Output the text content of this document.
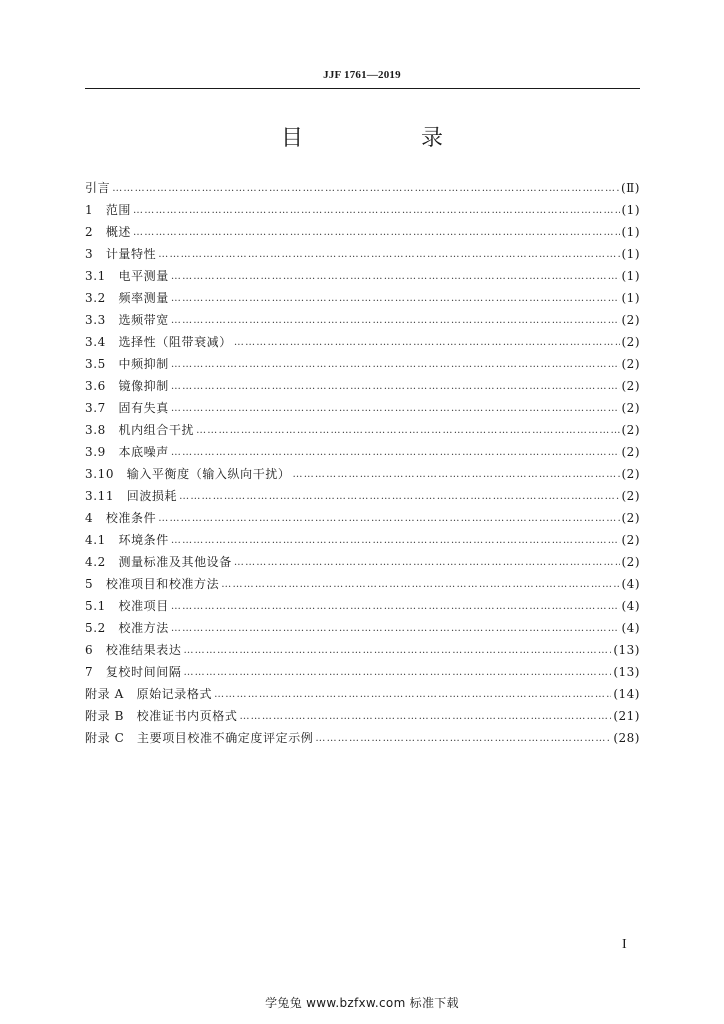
JJF 1761—2019
目　录
引言 ……………………………………………………………………………………………………………………………………………………………………………………………………………………………………	(Ⅱ)
1　范围 ……………………………………………………………………………………………………………………………………………………………………………………………………………………………………	(1)
2　概述 ……………………………………………………………………………………………………………………………………………………………………………………………………………………………………	(1)
3　计量特性 ……………………………………………………………………………………………………………………………………………………………………………………………………………………………………	(1)
3.1　电平测量 ……………………………………………………………………………………………………………………………………………………………………………………………………………………………………	(1)
3.2　频率测量 ……………………………………………………………………………………………………………………………………………………………………………………………………………………………………	(1)
3.3　选频带宽 ……………………………………………………………………………………………………………………………………………………………………………………………………………………………………	(2)
3.4　选择性（阻带衰减） ……………………………………………………………………………………………………………………………………………………………………………………………………………………………………	(2)
3.5　中频抑制 ……………………………………………………………………………………………………………………………………………………………………………………………………………………………………	(2)
3.6　镜像抑制 ……………………………………………………………………………………………………………………………………………………………………………………………………………………………………	(2)
3.7　固有失真 ……………………………………………………………………………………………………………………………………………………………………………………………………………………………………	(2)
3.8　机内组合干扰 ……………………………………………………………………………………………………………………………………………………………………………………………………………………………………	(2)
3.9　本底噪声 ……………………………………………………………………………………………………………………………………………………………………………………………………………………………………	(2)
3.10　输入平衡度（输入纵向干扰） ……………………………………………………………………………………………………………………………………………………………………………………………………………………………………	(2)
3.11　回波损耗 ……………………………………………………………………………………………………………………………………………………………………………………………………………………………………	(2)
4　校准条件 ……………………………………………………………………………………………………………………………………………………………………………………………………………………………………	(2)
4.1　环境条件 ……………………………………………………………………………………………………………………………………………………………………………………………………………………………………	(2)
4.2　测量标准及其他设备 ……………………………………………………………………………………………………………………………………………………………………………………………………………………………………	(2)
5　校准项目和校准方法 ……………………………………………………………………………………………………………………………………………………………………………………………………………………………………	(4)
5.1　校准项目 ……………………………………………………………………………………………………………………………………………………………………………………………………………………………………	(4)
5.2　校准方法 ……………………………………………………………………………………………………………………………………………………………………………………………………………………………………	(4)
6　校准结果表达 ……………………………………………………………………………………………………………………………………………………………………………………………………………………………………	(13)
7　复校时间间隔 ……………………………………………………………………………………………………………………………………………………………………………………………………………………………………	(13)
附录 A　原始记录格式 ……………………………………………………………………………………………………………………………………………………………………………………………………………………………………	(14)
附录 B　校准证书内页格式 ……………………………………………………………………………………………………………………………………………………………………………………………………………………………………	(21)
附录 C　主要项目校准不确定度评定示例 ……………………………………………………………………………………………………………………………………………………………………………………………………………………………………	(28)
I
学兔兔 www.bzfxw.com 标准下载
